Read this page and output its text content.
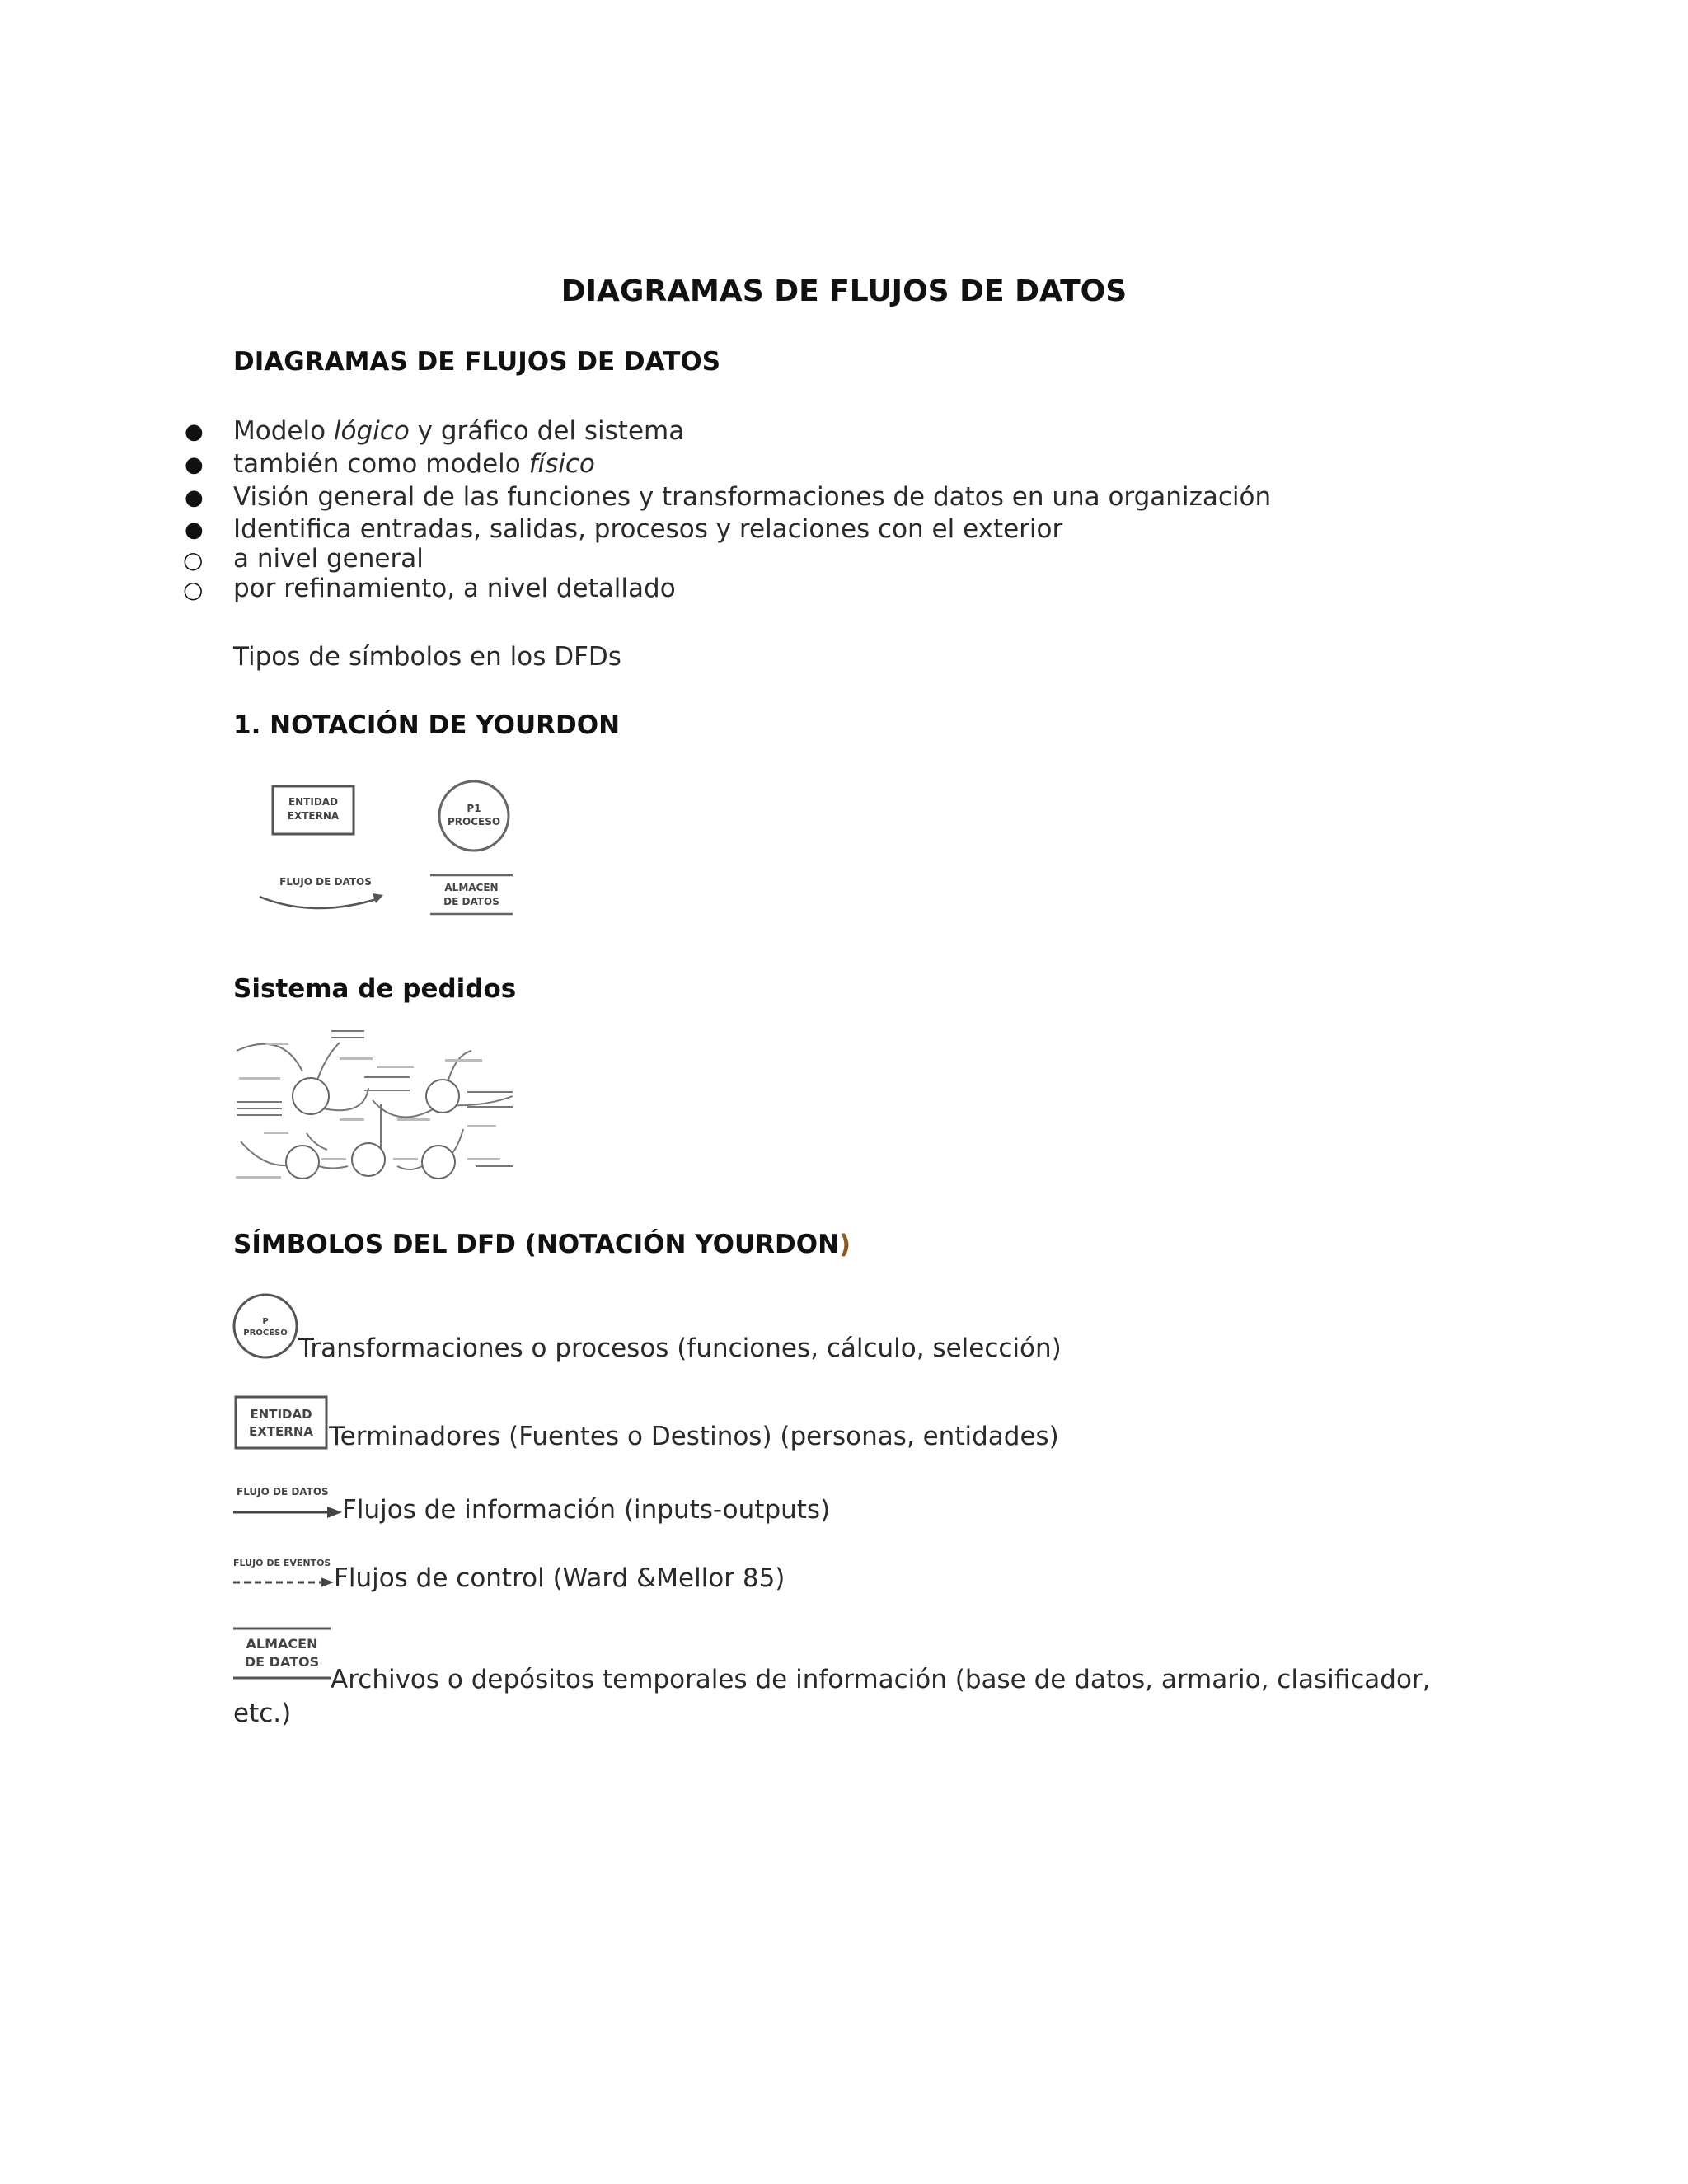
DIAGRAMAS DE FLUJOS DE DATOS
DIAGRAMAS DE FLUJOS DE DATOS
● Modelo lógico y gráfico del sistema
● también como modelo físico
● Visión general de las funciones y transformaciones de datos en una organización
● Identifica entradas, salidas, procesos y relaciones con el exterior
○ a nivel general
○ por refinamiento, a nivel detallado
Tipos de símbolos en los DFDs
1. NOTACIÓN DE YOURDON
ENTIDAD
EXTERNA
P1
PROCESO
FLUJO DE DATOS	ALMACEN
DE DATOS
Sistema de pedidos
SÍMBOLOS DEL DFD (NOTACIÓN YOURDON)
P
PROCESO
Transformaciones o procesos (funciones, cálculo, selección)
ENTIDAD
EXTERNA Terminadores (Fuentes o Destinos) (personas, entidades)
FLUJO DE DATOS
Flujos de información (inputs-outputs)
FLUJO DE EVENTOS
Flujos de control (Ward &Mellor 85)
ALMACEN
DE DATOS
Archivos o depósitos temporales de información (base de datos, armario, clasificador,
etc.)
